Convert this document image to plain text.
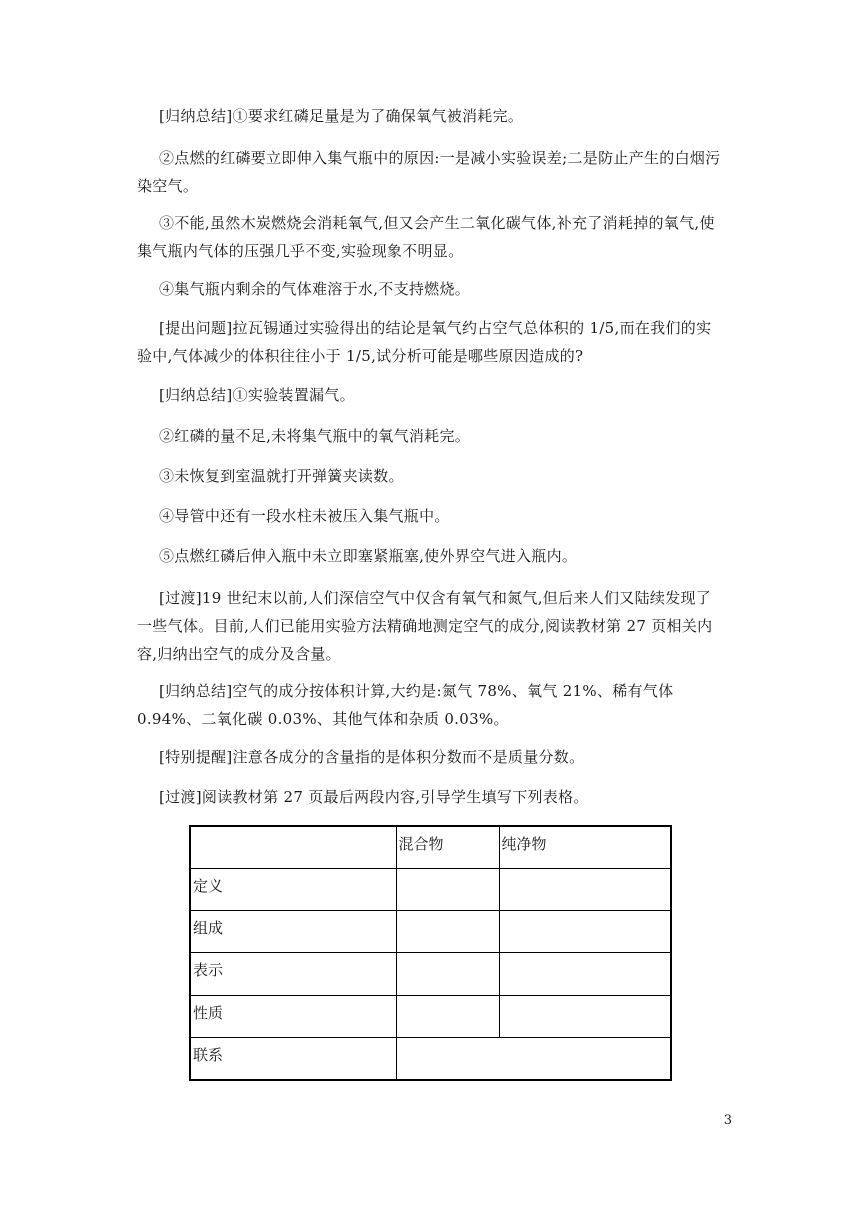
[归纳总结]①要求红磷足量是为了确保氧气被消耗完。

②点燃的红磷要立即伸入集气瓶中的原因:一是减小实验误差;二是防止产生的白烟污染空气。

③不能,虽然木炭燃烧会消耗氧气,但又会产生二氧化碳气体,补充了消耗掉的氧气,使集气瓶内气体的压强几乎不变,实验现象不明显。

④集气瓶内剩余的气体难溶于水,不支持燃烧。

[提出问题]拉瓦锡通过实验得出的结论是氧气约占空气总体积的 1/5,而在我们的实验中,气体减少的体积往往小于 1/5,试分析可能是哪些原因造成的?

[归纳总结]①实验装置漏气。

②红磷的量不足,未将集气瓶中的氧气消耗完。

③未恢复到室温就打开弹簧夹读数。

④导管中还有一段水柱未被压入集气瓶中。

⑤点燃红磷后伸入瓶中未立即塞紧瓶塞,使外界空气进入瓶内。

[过渡]19 世纪末以前,人们深信空气中仅含有氧气和氮气,但后来人们又陆续发现了一些气体。目前,人们已能用实验方法精确地测定空气的成分,阅读教材第 27 页相关内容,归纳出空气的成分及含量。

[归纳总结]空气的成分按体积计算,大约是:氮气 78%、氧气 21%、稀有气体 0.94%、二氧化碳 0.03%、其他气体和杂质 0.03%。

[特别提醒]注意各成分的含量指的是体积分数而不是质量分数。

[过渡]阅读教材第 27 页最后两段内容,引导学生填写下列表格。

	混合物	纯净物
定义		
组成		
表示		
性质		
联系		
3
